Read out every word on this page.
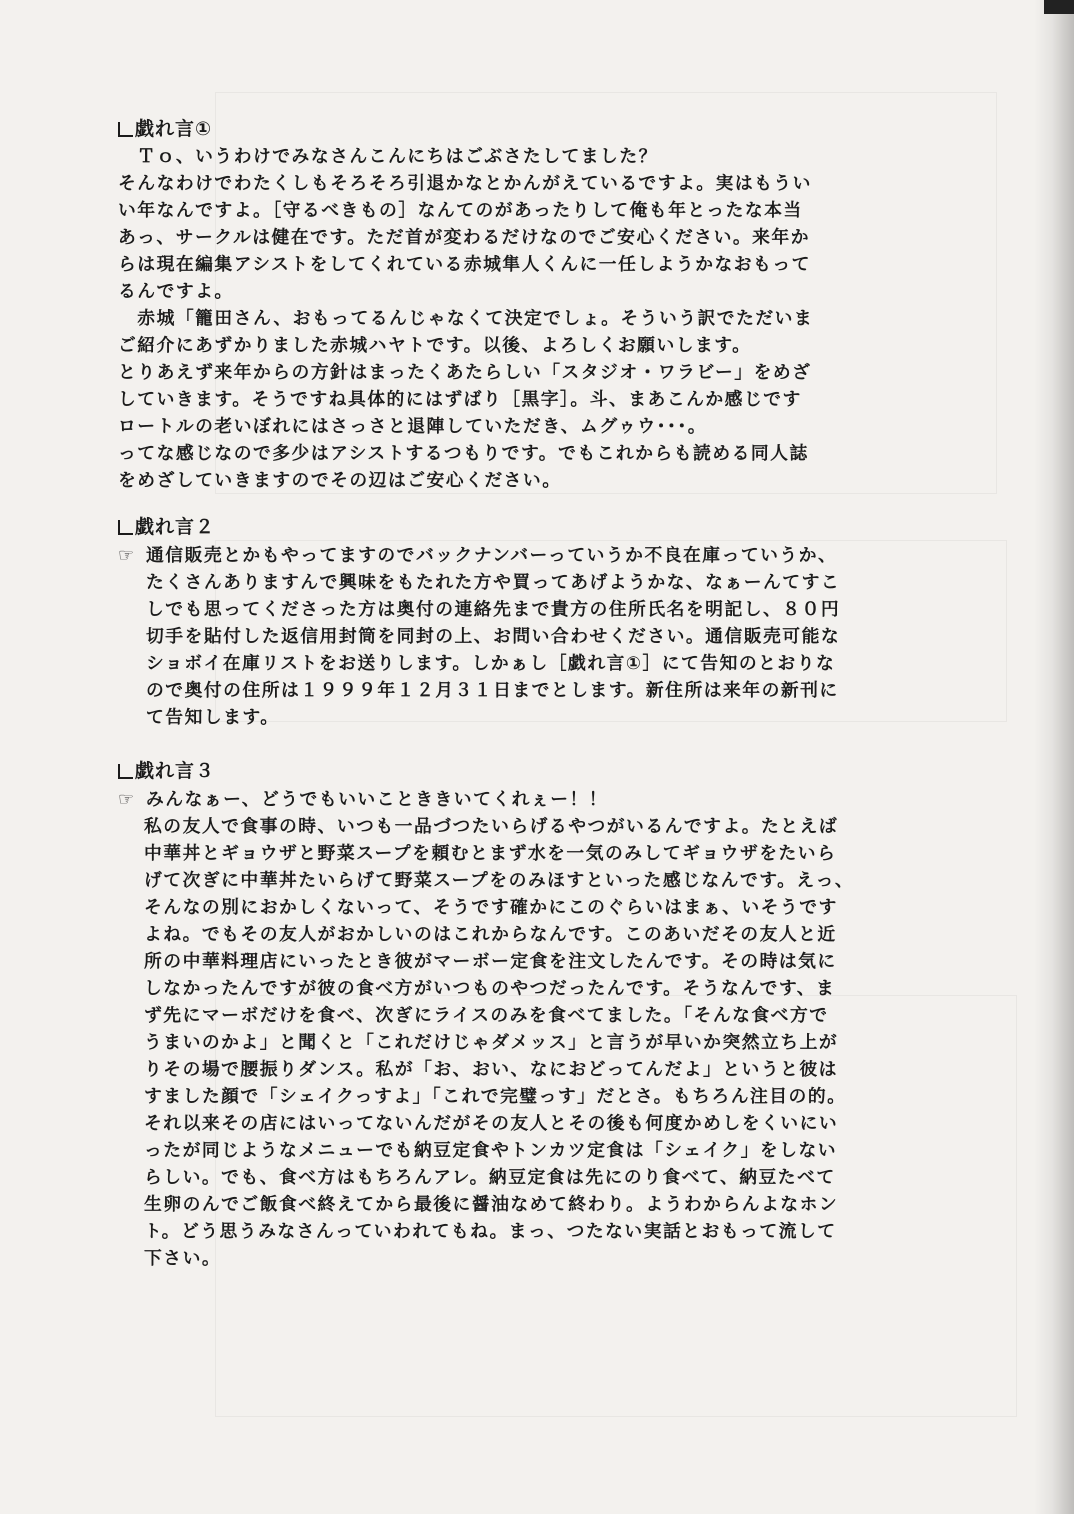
戯れ言①

　Ｔｏ、いうわけでみなさんこんにちはごぶさたしてました？

そんなわけでわたくしもそろそろ引退かなとかんがえているですよ。実はもうい

い年なんですよ。［守るべきもの］なんてのがあったりして俺も年とったな本当

あっ、サークルは健在です。ただ首が変わるだけなのでご安心ください。来年か

らは現在編集アシストをしてくれている赤城隼人くんに一任しようかなおもって

るんですよ。

　赤城「籠田さん、おもってるんじゃなくて決定でしょ。そういう訳でただいま

ご紹介にあずかりました赤城ハヤトです。以後、よろしくお願いします。

とりあえず来年からの方針はまったくあたらしい「スタジオ・ワラビー」をめざ

していきます。そうですね具体的にはずばり［黒字］。斗、まあこんか感じです

ロートルの老いぼれにはさっさと退陣していただき、ムグゥウ･･･。

ってな感じなので多少はアシストするつもりです。でもこれからも読める同人誌

をめざしていきますのでその辺はご安心ください。

戯れ言２
☞ 通信販売とかもやってますのでバックナンバーっていうか不良在庫っていうか、

たくさんありますんで興味をもたれた方や買ってあげようかな、なぁーんてすこ

しでも思ってくださった方は奥付の連絡先まで貴方の住所氏名を明記し、８０円

切手を貼付した返信用封筒を同封の上、お問い合わせください。通信販売可能な

ショボイ在庫リストをお送りします。しかぁし［戯れ言①］にて告知のとおりな

ので奥付の住所は１９９９年１２月３１日までとします。新住所は来年の新刊に

て告知します。

戯れ言３
☞ みんなぁー、どうでもいいことききいてくれぇー！！

私の友人で食事の時、いつも一品づつたいらげるやつがいるんですよ。たとえば

中華丼とギョウザと野菜スープを頼むとまず水を一気のみしてギョウザをたいら

げて次ぎに中華丼たいらげて野菜スープをのみほすといった感じなんです。えっ、

そんなの別におかしくないって、そうです確かにこのぐらいはまぁ、いそうです

よね。でもその友人がおかしいのはこれからなんです。このあいだその友人と近

所の中華料理店にいったとき彼がマーボー定食を注文したんです。その時は気に

しなかったんですが彼の食べ方がいつものやつだったんです。そうなんです、ま

ず先にマーボだけを食べ、次ぎにライスのみを食べてました。「そんな食べ方で

うまいのかよ」と聞くと「これだけじゃダメッス」と言うが早いか突然立ち上が

りその場で腰振りダンス。私が「お、おい、なにおどってんだよ」というと彼は

すました顔で「シェイクっすよ」「これで完璧っす」だとさ。もちろん注目の的。

それ以来その店にはいってないんだがその友人とその後も何度かめしをくいにい

ったが同じようなメニューでも納豆定食やトンカツ定食は「シェイク」をしない

らしい。でも、食べ方はもちろんアレ。納豆定食は先にのり食べて、納豆たべて

生卵のんでご飯食べ終えてから最後に醤油なめて終わり。ようわからんよなホン

ト。どう思うみなさんっていわれてもね。まっ、つたない実話とおもって流して

下さい。
